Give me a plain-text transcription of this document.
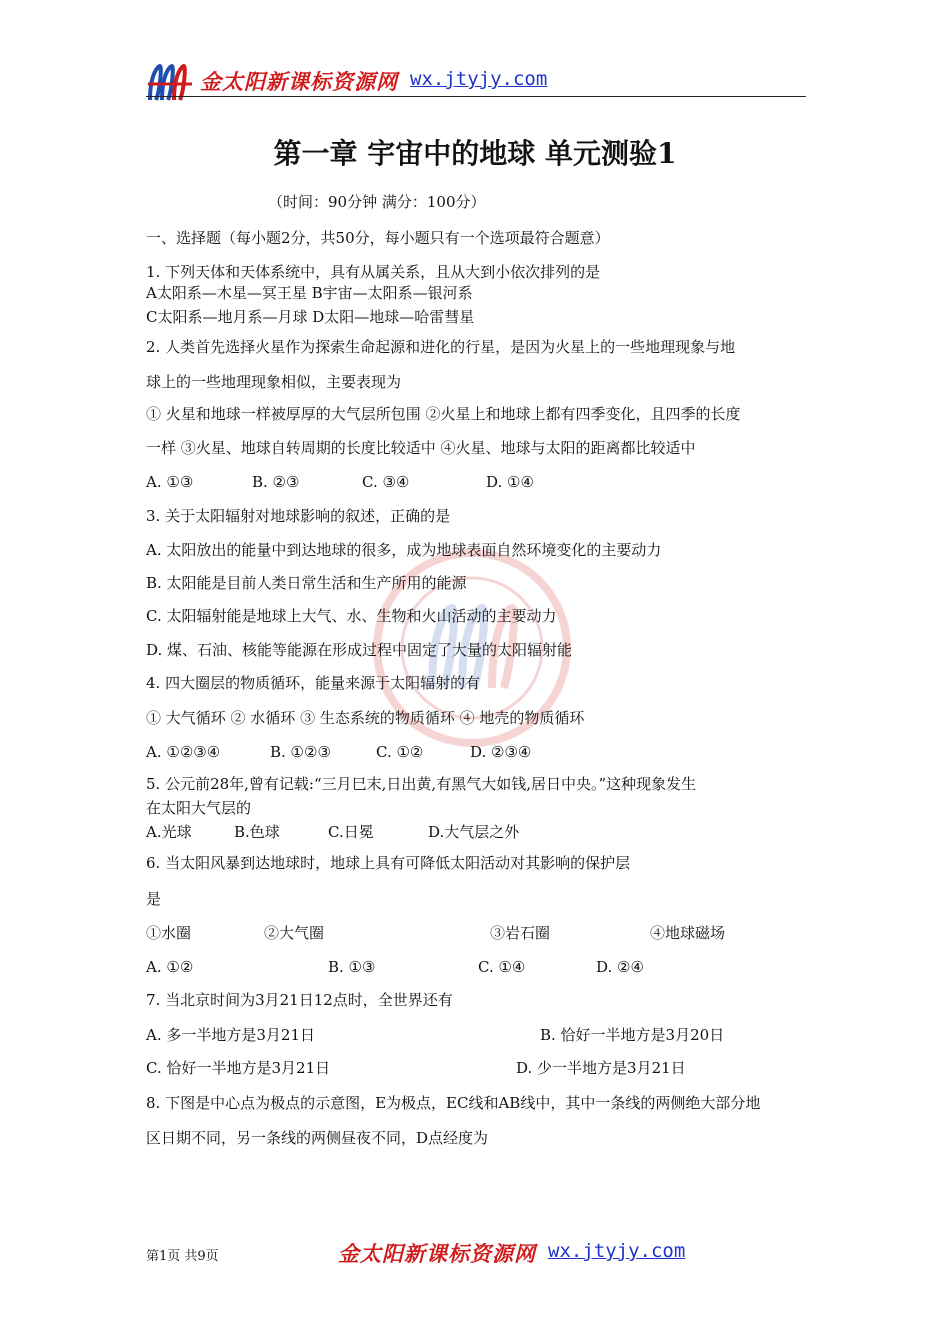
金太阳新课标资源网 wx.jtyjy.com
第一章 宇宙中的地球 单元测验1
（时间：90分钟 满分：100分）
一、选择题（每小题2分，共50分，每小题只有一个选项最符合题意）
1. 下列天体和天体系统中，具有从属关系，且从大到小依次排列的是
A太阳系—木星—冥王星 B宇宙—太阳系—银河系
C太阳系—地月系—月球 D太阳—地球—哈雷彗星
2. 人类首先选择火星作为探索生命起源和进化的行星，是因为火星上的一些地理现象与地
球上的一些地理现象相似，主要表现为
① 火星和地球一样被厚厚的大气层所包围 ②火星上和地球上都有四季变化，且四季的长度
一样 ③火星、地球自转周期的长度比较适中 ④火星、地球与太阳的距离都比较适中
A. ①③	B. ②③	C. ③④	D. ①④
3. 关于太阳辐射对地球影响的叙述，正确的是
A. 太阳放出的能量中到达地球的很多，成为地球表面自然环境变化的主要动力
B. 太阳能是目前人类日常生活和生产所用的能源
C. 太阳辐射能是地球上大气、水、生物和火山活动的主要动力
D. 煤、石油、核能等能源在形成过程中固定了大量的太阳辐射能
4. 四大圈层的物质循环，能量来源于太阳辐射的有
① 大气循环 ② 水循环 ③ 生态系统的物质循环 ④ 地壳的物质循环
A. ①②③④	B. ①②③	C. ①②	D. ②③④
5. 公元前28年,曾有记载:“三月巳末,日出黄,有黑气大如钱,居日中央。”这种现象发生
在太阳大气层的
A.光球	B.色球	C.日冕	D.大气层之外
6. 当太阳风暴到达地球时，地球上具有可降低太阳活动对其影响的保护层
是
①水圈	②大气圈	③岩石圈	④地球磁场
A. ①②	B. ①③	C. ①④	D. ②④
7. 当北京时间为3月21日12点时，全世界还有
A. 多一半地方是3月21日	B. 恰好一半地方是3月20日
C. 恰好一半地方是3月21日	D. 少一半地方是3月21日
8. 下图是中心点为极点的示意图，E为极点，EC线和AB线中，其中一条线的两侧绝大部分地
区日期不同，另一条线的两侧昼夜不同，D点经度为
第1页 共9页	金太阳新课标资源网 wx.jtyjy.com
